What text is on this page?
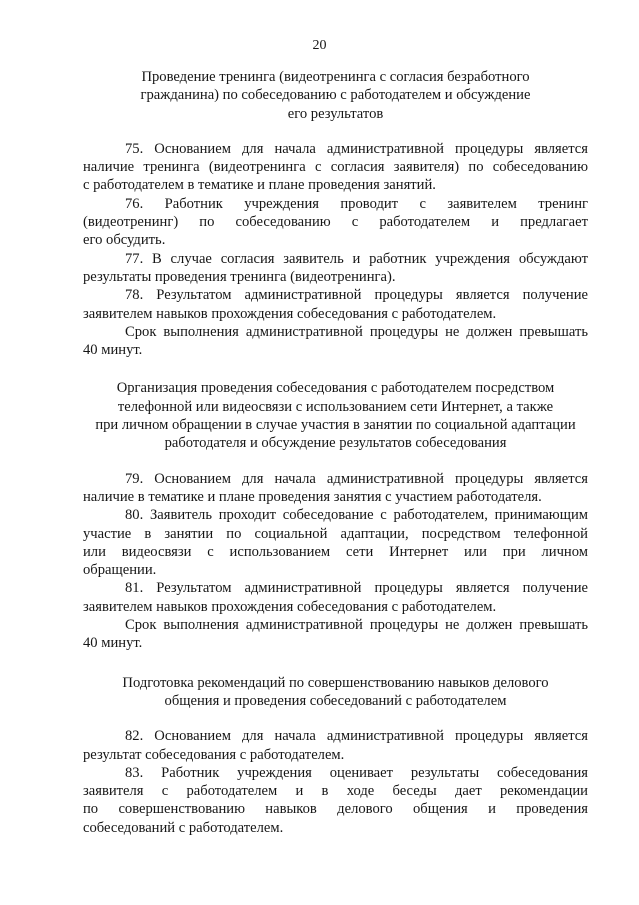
20
Проведение тренинга (видеотренинга с согласия безработного
гражданина) по собеседованию с работодателем и обсуждение
его результатов

75. Основанием для начала административной процедуры является
наличие тренинга (видеотренинга с согласия заявителя) по собеседованию
с работодателем в тематике и плане проведения занятий.

76. Работник учреждения проводит с заявителем тренинг
(видеотренинг) по собеседованию с работодателем и предлагает
его обсудить.

77. В случае согласия заявитель и работник учреждения обсуждают
результаты проведения тренинга (видеотренинга).

78. Результатом административной процедуры является получение
заявителем навыков прохождения собеседования с работодателем.

Срок выполнения административной процедуры не должен превышать
40 минут.

Организация проведения собеседования с работодателем посредством
телефонной или видеосвязи с использованием сети Интернет, а также
при личном обращении в случае участия в занятии по социальной адаптации
работодателя и обсуждение результатов собеседования

79. Основанием для начала административной процедуры является
наличие в тематике и плане проведения занятия с участием работодателя.

80. Заявитель проходит собеседование с работодателем, принимающим
участие в занятии по социальной адаптации, посредством телефонной
или видеосвязи с использованием сети Интернет или при личном
обращении.

81. Результатом административной процедуры является получение
заявителем навыков прохождения собеседования с работодателем.

Срок выполнения административной процедуры не должен превышать
40 минут.

Подготовка рекомендаций по совершенствованию навыков делового
общения и проведения собеседований с работодателем

82. Основанием для начала административной процедуры является
результат собеседования с работодателем.

83. Работник учреждения оценивает результаты собеседования
заявителя с работодателем и в ходе беседы дает рекомендации
по совершенствованию навыков делового общения и проведения
собеседований с работодателем.
